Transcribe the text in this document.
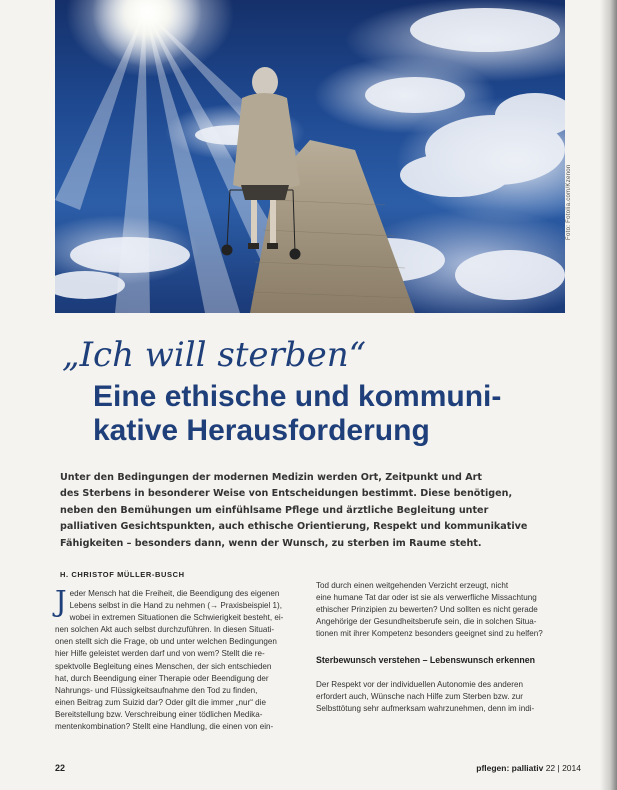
Foto: Fotolia.com/Kzenon
„Ich will sterben“
Eine ethische und kommuni-
kative Herausforderung
Unter den Bedingungen der modernen Medizin werden Ort, Zeitpunkt und Art
des Sterbens in besonderer Weise von Entscheidungen bestimmt. Diese benötigen,
neben den Bemühungen um einfühlsame Pflege und ärztliche Begleitung unter
palliativen Gesichtspunkten, auch ethische Orientierung, Respekt und kommunikative
Fähigkeiten – besonders dann, wenn der Wunsch, zu sterben im Raume steht.
H. CHRISTOF MÜLLER-BUSCH
J eder Mensch hat die Freiheit, die Beendigung des eigenen
Lebens selbst in die Hand zu nehmen (→ Praxisbeispiel 1),
wobei in extremen Situationen die Schwierigkeit besteht, ei-
nen solchen Akt auch selbst durchzuführen. In diesen Situati-
onen stellt sich die Frage, ob und unter welchen Bedingungen
hier Hilfe geleistet werden darf und von wem? Stellt die re-
spektvolle Begleitung eines Menschen, der sich entschieden
hat, durch Beendigung einer Therapie oder Beendigung der
Nahrungs- und Flüssigkeitsaufnahme den Tod zu finden,
einen Beitrag zum Suizid dar? Oder gilt die immer „nur“ die
Bereitstellung bzw. Verschreibung einer tödlichen Medika-
mentenkombination? Stellt eine Handlung, die einen von ein-
Tod durch einen weitgehenden Verzicht erzeugt, nicht
eine humane Tat dar oder ist sie als verwerfliche Missachtung
ethischer Prinzipien zu bewerten? Und sollten es nicht gerade
Angehörige der Gesundheitsberufe sein, die in solchen Situa-
tionen mit ihrer Kompetenz besonders geeignet sind zu helfen?
Sterbewunsch verstehen – Lebenswunsch erkennen
Der Respekt vor der individuellen Autonomie des anderen
erfordert auch, Wünsche nach Hilfe zum Sterben bzw. zur
Selbsttötung sehr aufmerksam wahrzunehmen, denn im indi-
22	pflegen: palliativ 22 | 2014
